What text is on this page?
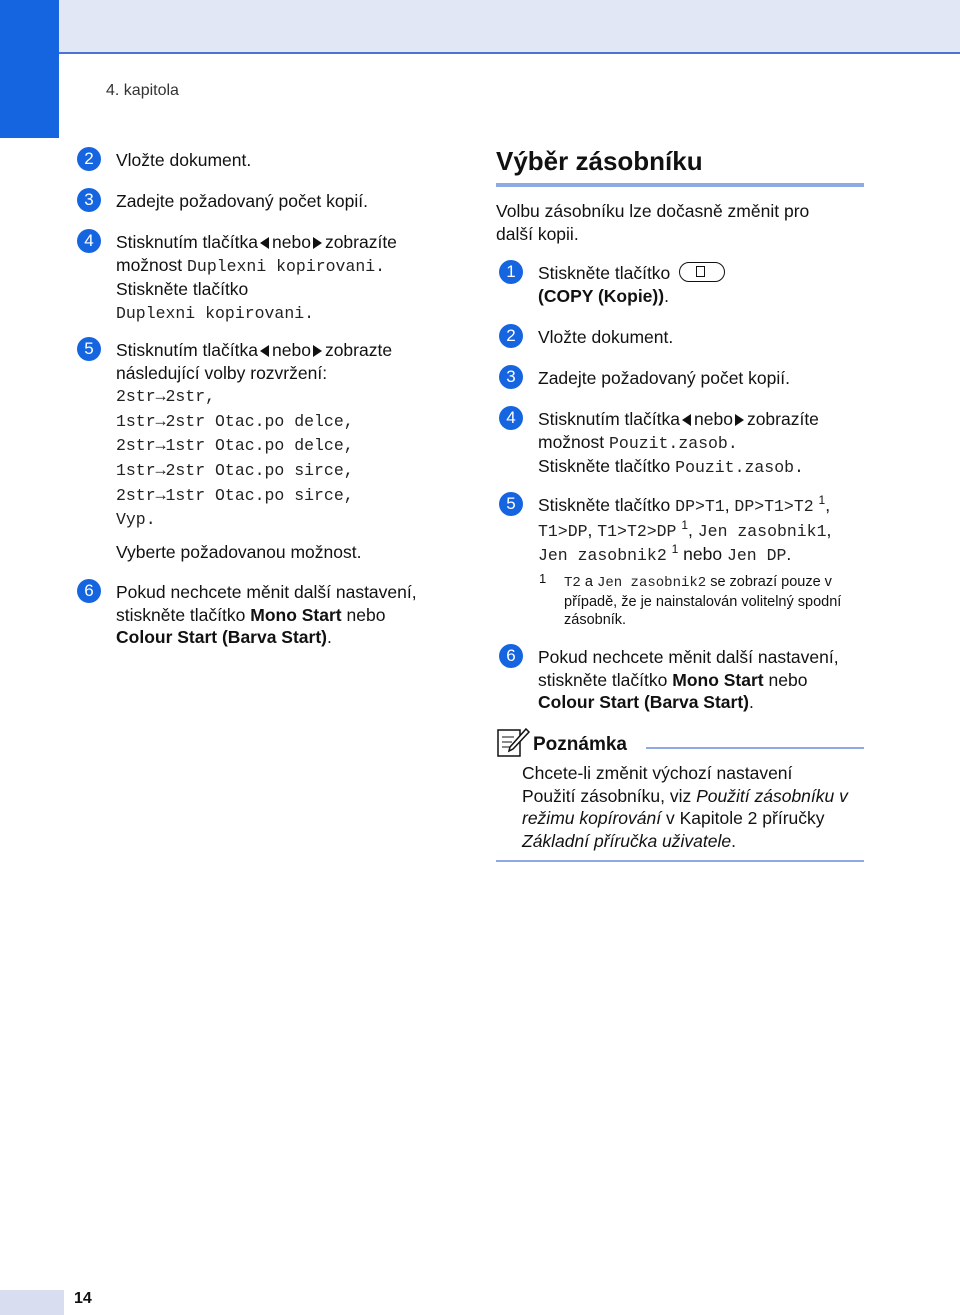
4. kapitola
2	Vložte dokument.
3	Zadejte požadovaný počet kopií.
4	Stisknutím tlačítka nebo zobrazíte
možnost Duplexni kopirovani.
Stiskněte tlačítko
Duplexni kopirovani.
5	Stisknutím tlačítka nebo zobrazte
následující volby rozvržení:
2str→2str,
1str→2str Otac.po delce,
2str→1str Otac.po delce,
1str→2str Otac.po sirce,
2str→1str Otac.po sirce,
Vyp.
Vyberte požadovanou možnost.
6	Pokud nechcete měnit další nastavení,
stiskněte tlačítko Mono Start nebo
Colour Start (Barva Start).
Výběr zásobníku
Volbu zásobníku lze dočasně změnit pro
další kopii.
1	Stiskněte tlačítko

(COPY (Kopie)).
2	Vložte dokument.
3	Zadejte požadovaný počet kopií.
4	Stisknutím tlačítka nebo zobrazíte
možnost Pouzit.zasob.
Stiskněte tlačítko Pouzit.zasob.
5	Stiskněte tlačítko DP>T1, DP>T1>T2 $^1$,
T1>DP, T1>T2>DP $^1$, Jen zasobnik1,
Jen zasobnik2 $^1$ nebo Jen DP.
1 T2 a Jen zasobnik2 se zobrazí pouze v
případě, že je nainstalován volitelný spodní
zásobník.
6	Pokud nechcete měnit další nastavení,
stiskněte tlačítko Mono Start nebo
Colour Start (Barva Start).
Poznámka
Chcete-li změnit výchozí nastavení
Použití zásobníku, viz Použití zásobníku v
režimu kopírování v Kapitole 2 příručky
Základní příručka uživatele.
14
